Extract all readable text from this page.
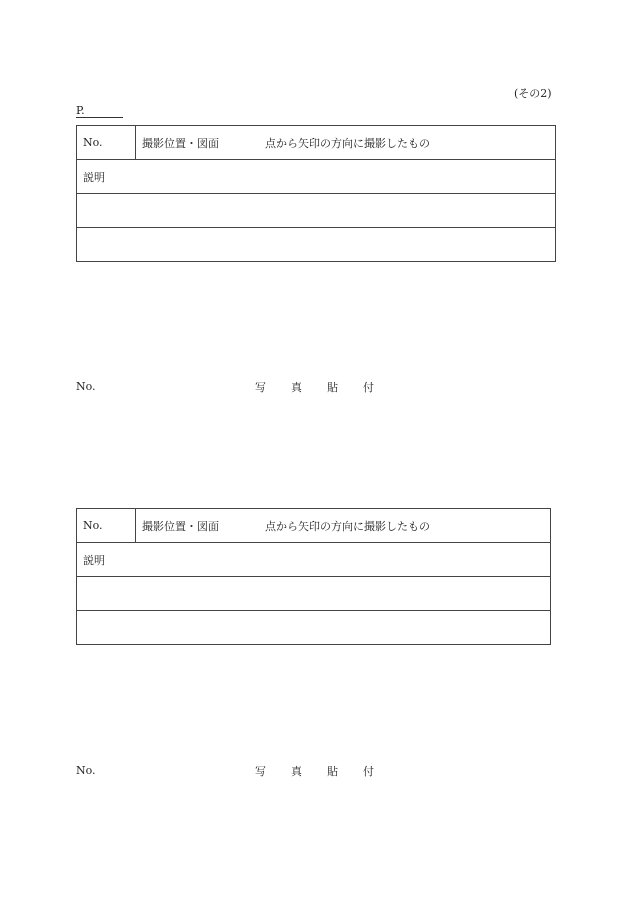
(その2)
P.
No.	撮影位置・図面	点から矢印の方向に撮影したもの
説明

No.	写 真 貼 付
No.	撮影位置・図面	点から矢印の方向に撮影したもの
説明

No.	写 真 貼 付
